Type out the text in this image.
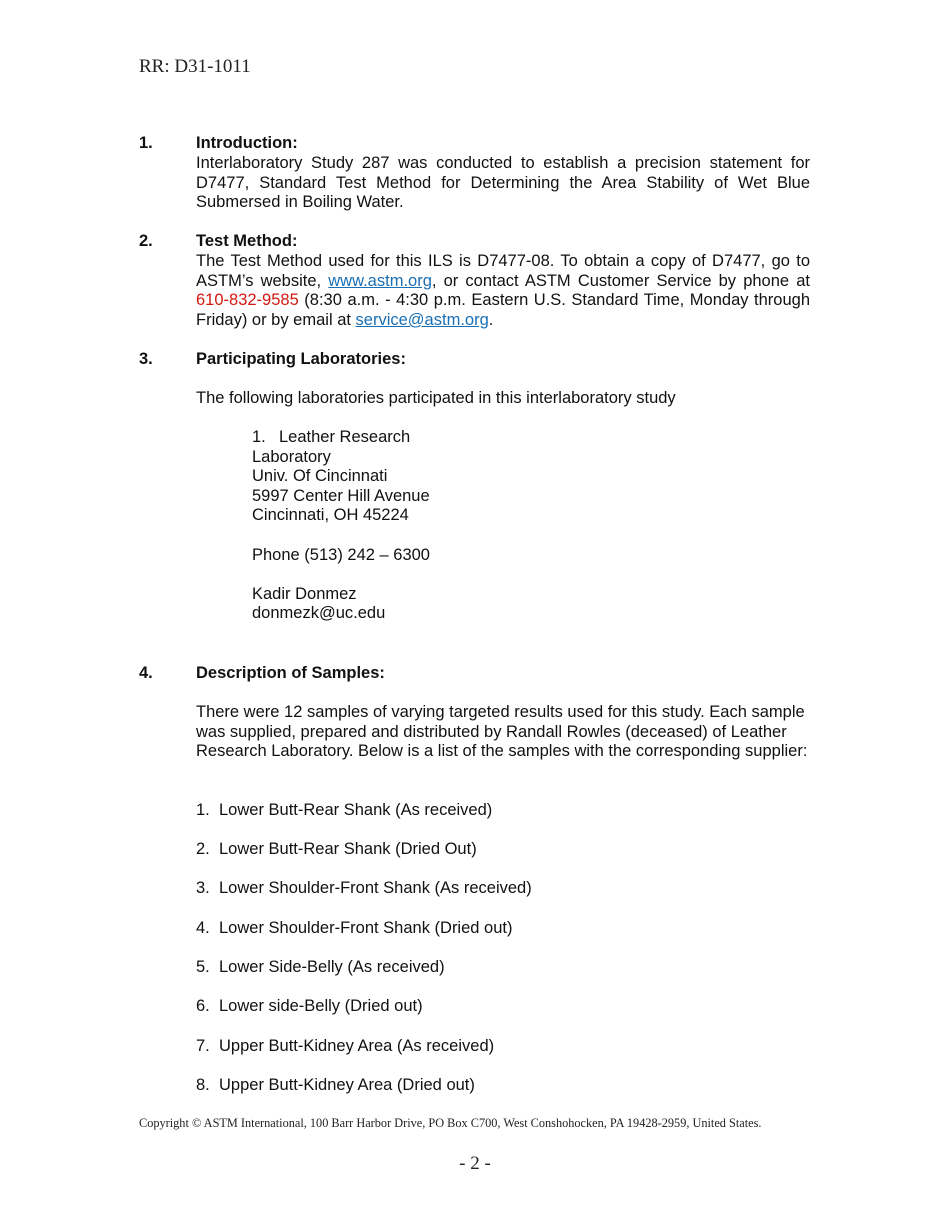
RR: D31-1011
1.	Introduction:
Interlaboratory Study 287 was conducted to establish a precision statement for D7477, Standard Test Method for Determining the Area Stability of Wet Blue Submersed in Boiling Water.
2.	Test Method:
The Test Method used for this ILS is D7477-08. To obtain a copy of D7477, go to ASTM’s website, www.astm.org, or contact ASTM Customer Service by phone at 610-832-9585 (8:30 a.m. - 4:30 p.m. Eastern U.S. Standard Time, Monday through Friday) or by email at service@astm.org.
3.	Participating Laboratories:
The following laboratories participated in this interlaboratory study
1. Leather Research
Laboratory
Univ. Of Cincinnati
5997 Center Hill Avenue
Cincinnati, OH 45224
Phone (513) 242 – 6300
Kadir Donmez
donmezk@uc.edu
4.	Description of Samples:
There were 12 samples of varying targeted results used for this study. Each sample was supplied, prepared and distributed by Randall Rowles (deceased) of Leather Research Laboratory. Below is a list of the samples with the corresponding supplier:
1. Lower Butt-Rear Shank (As received)
2. Lower Butt-Rear Shank (Dried Out)
3. Lower Shoulder-Front Shank (As received)
4. Lower Shoulder-Front Shank (Dried out)
5. Lower Side-Belly (As received)
6. Lower side-Belly (Dried out)
7. Upper Butt-Kidney Area (As received)
8. Upper Butt-Kidney Area (Dried out)
Copyright © ASTM International, 100 Barr Harbor Drive, PO Box C700, West Conshohocken, PA 19428-2959, United States.
- 2 -
